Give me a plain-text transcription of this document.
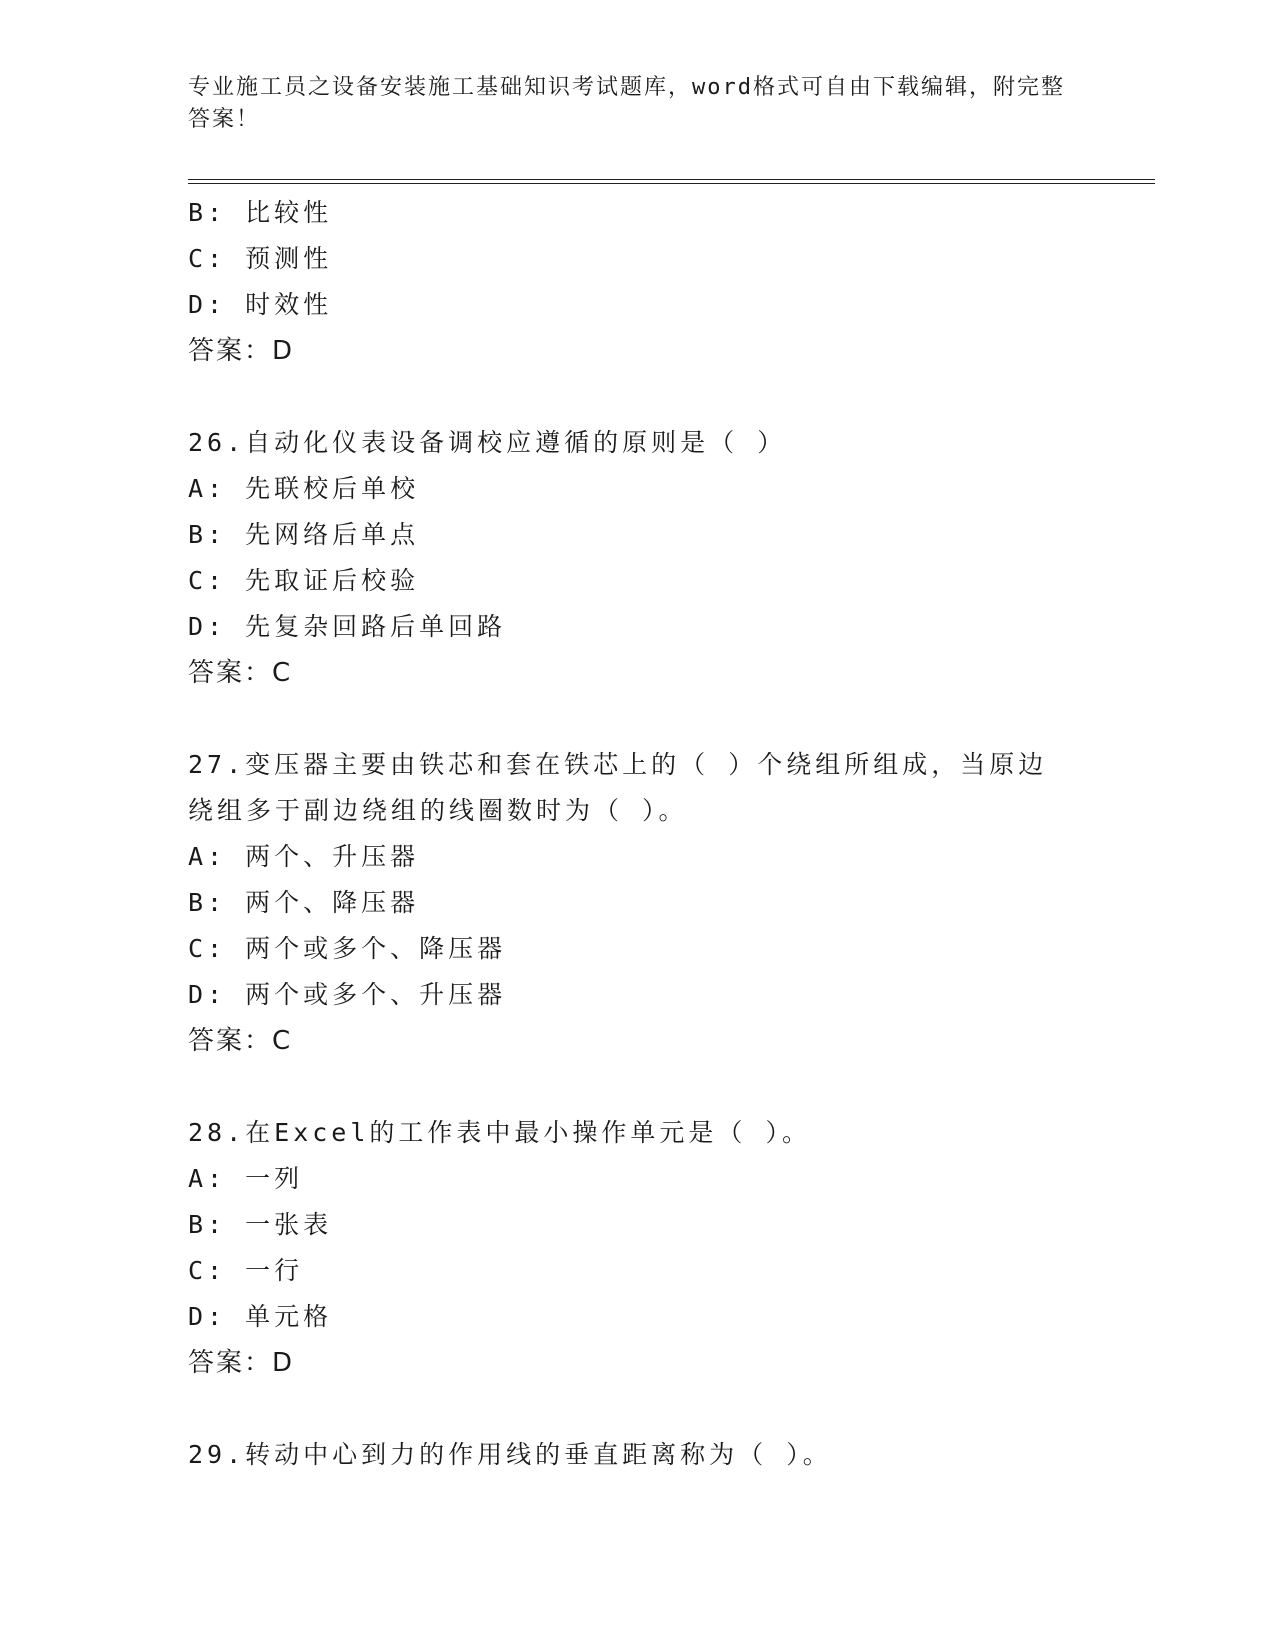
专业施工员之设备安装施工基础知识考试题库，word格式可自由下载编辑，附完整答案！
B: 比较性
C: 预测性
D: 时效性
答案：D
26.自动化仪表设备调校应遵循的原则是（ ）
A: 先联校后单校
B: 先网络后单点
C: 先取证后校验
D: 先复杂回路后单回路
答案：C
27.变压器主要由铁芯和套在铁芯上的（ ）个绕组所组成，当原边绕组多于副边绕组的线圈数时为（ ）。
A: 两个、升压器
B: 两个、降压器
C: 两个或多个、降压器
D: 两个或多个、升压器
答案：C
28.在Excel的工作表中最小操作单元是（ ）。
A: 一列
B: 一张表
C: 一行
D: 单元格
答案：D
29.转动中心到力的作用线的垂直距离称为（ ）。
